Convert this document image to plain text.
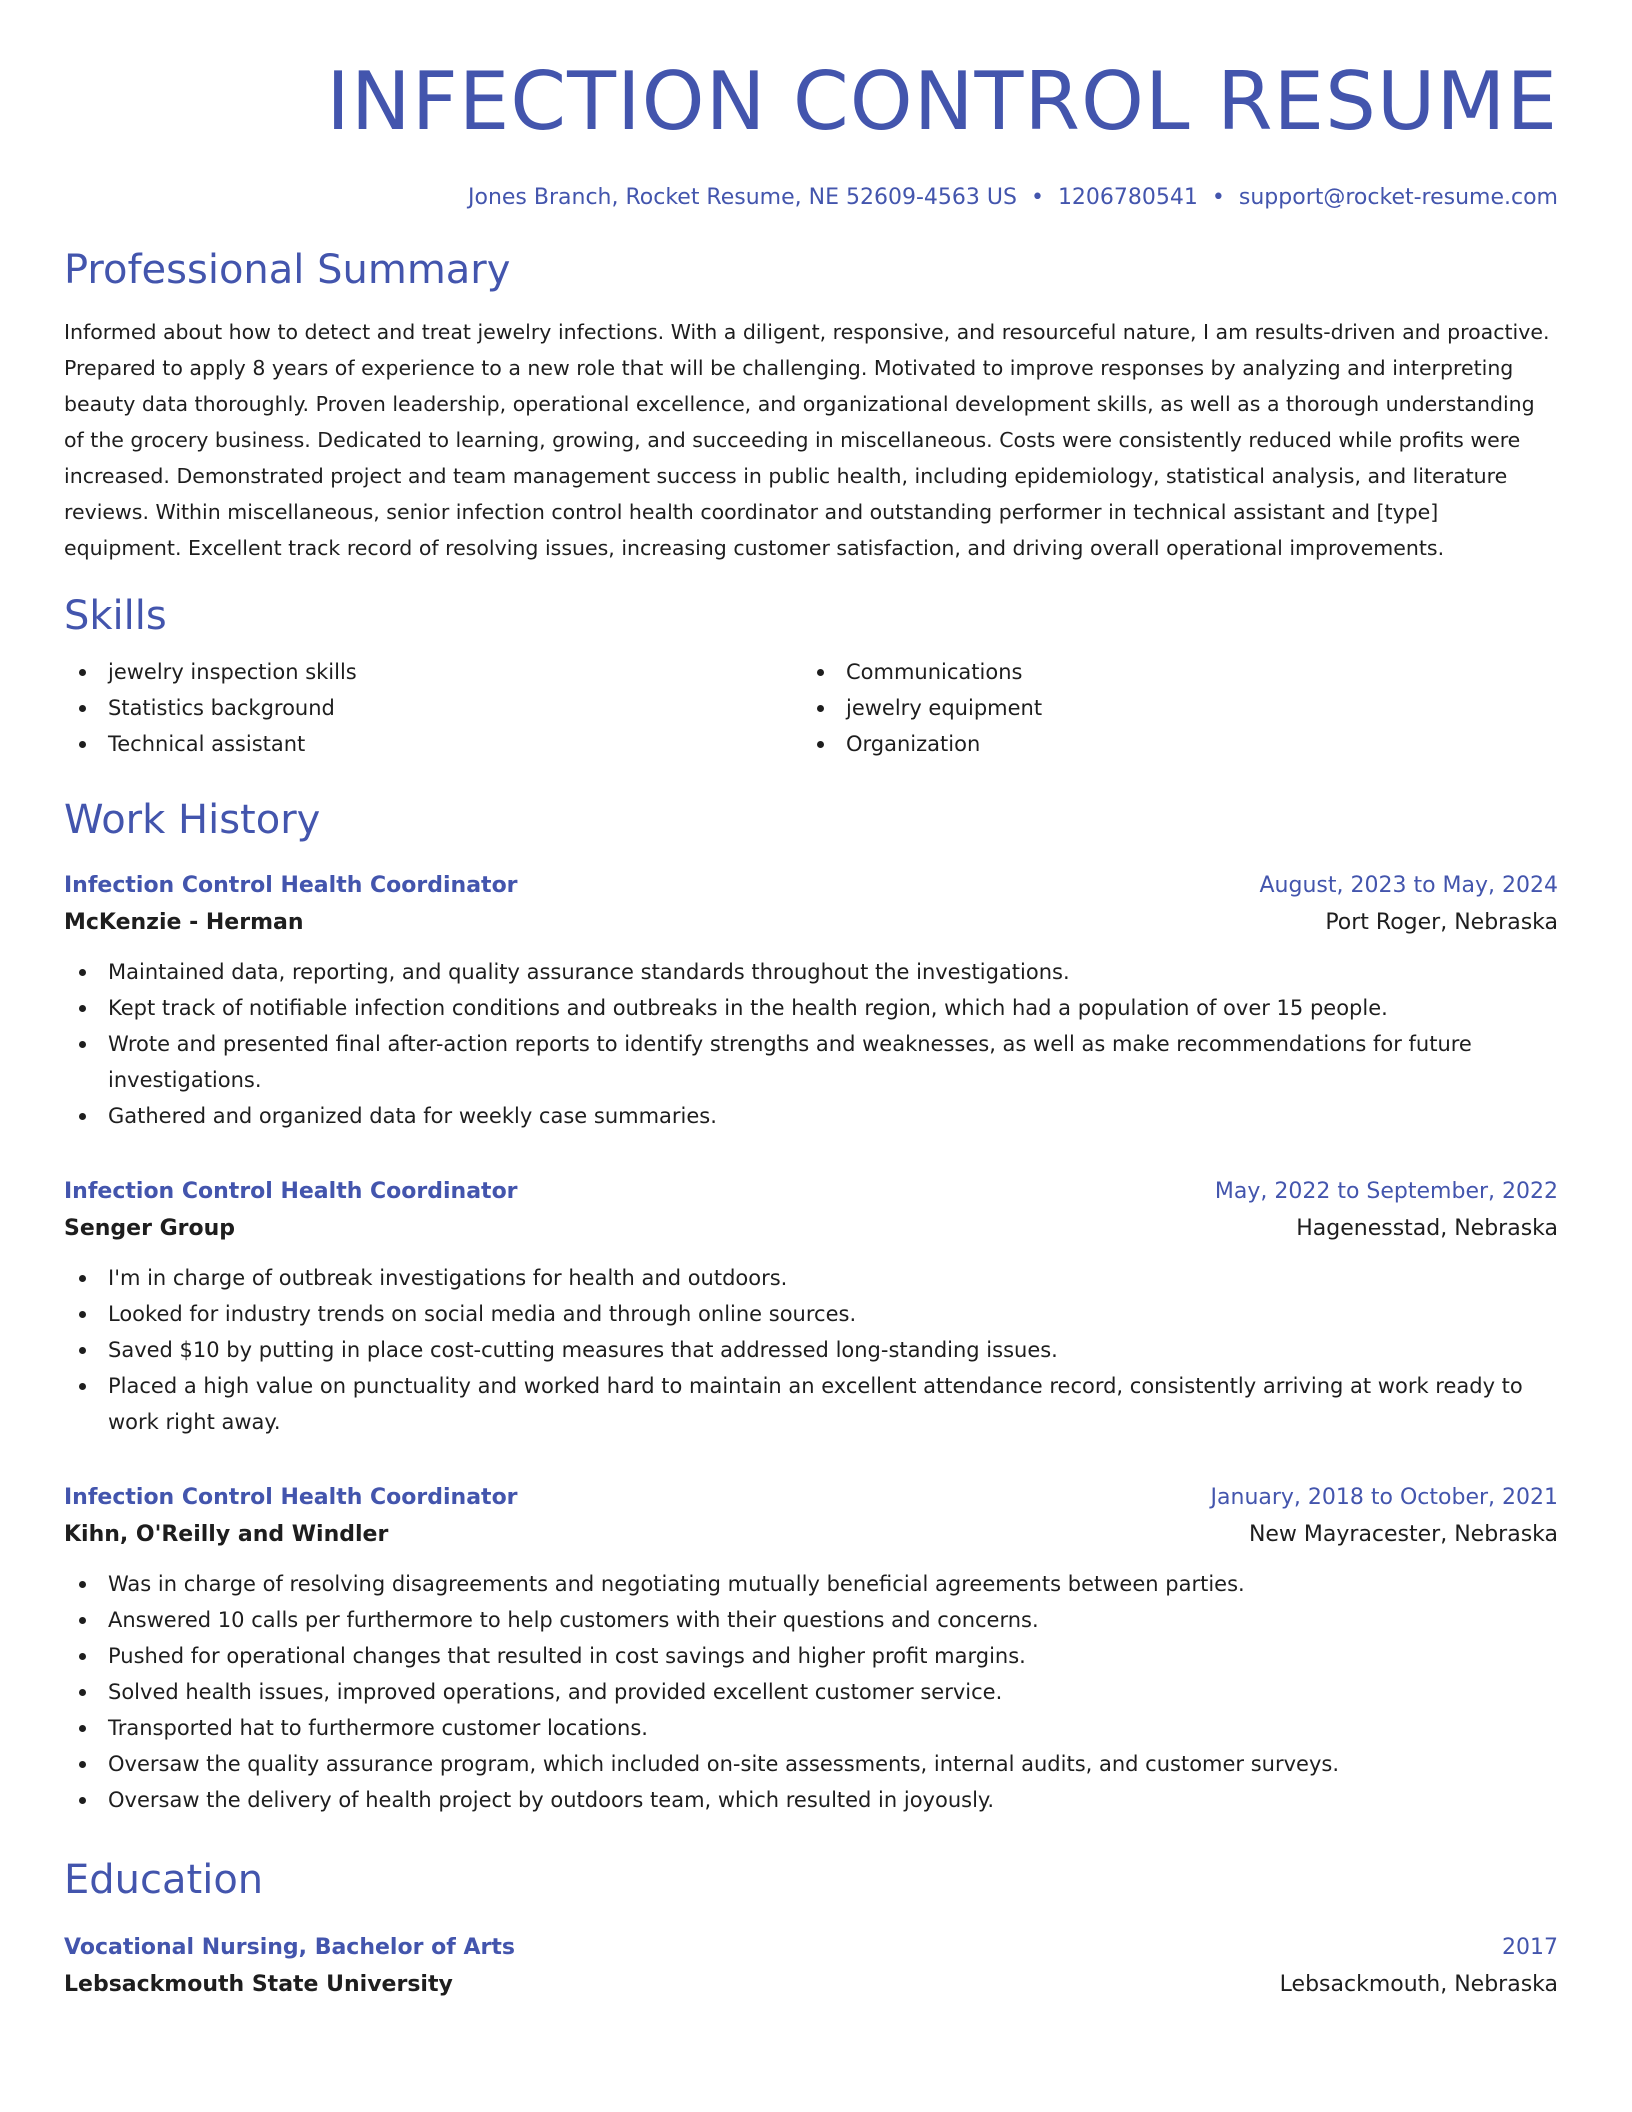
INFECTION CONTROL RESUME
Jones Branch, Rocket Resume, NE 52609-4563 US • 1206780541 • support@rocket-resume.com
Professional Summary

Informed about how to detect and treat jewelry infections. With a diligent, responsive, and resourceful nature, I am results-driven and proactive. Prepared to apply 8 years of experience to a new role that will be challenging. Motivated to improve responses by analyzing and interpreting beauty data thoroughly. Proven leadership, operational excellence, and organizational development skills, as well as a thorough understanding of the grocery business. Dedicated to learning, growing, and succeeding in miscellaneous. Costs were consistently reduced while profits were increased. Demonstrated project and team management success in public health, including epidemiology, statistical analysis, and literature reviews. Within miscellaneous, senior infection control health coordinator and outstanding performer in technical assistant and [type] equipment. Excellent track record of resolving issues, increasing customer satisfaction, and driving overall operational improvements.

Skills
jewelry inspection skills
Statistics background
Technical assistant
Communications
jewelry equipment
Organization
Work History
Infection Control Health Coordinator	August, 2023 to May, 2024
McKenzie - Herman	Port Roger, Nebraska
Maintained data, reporting, and quality assurance standards throughout the investigations.
Kept track of notifiable infection conditions and outbreaks in the health region, which had a population of over 15 people.
Wrote and presented final after-action reports to identify strengths and weaknesses, as well as make recommendations for future investigations.
Gathered and organized data for weekly case summaries.
Infection Control Health Coordinator	May, 2022 to September, 2022
Senger Group	Hagenesstad, Nebraska
I'm in charge of outbreak investigations for health and outdoors.
Looked for industry trends on social media and through online sources.
Saved $10 by putting in place cost-cutting measures that addressed long-standing issues.
Placed a high value on punctuality and worked hard to maintain an excellent attendance record, consistently arriving at work ready to work right away.
Infection Control Health Coordinator	January, 2018 to October, 2021
Kihn, O'Reilly and Windler	New Mayracester, Nebraska
Was in charge of resolving disagreements and negotiating mutually beneficial agreements between parties.
Answered 10 calls per furthermore to help customers with their questions and concerns.
Pushed for operational changes that resulted in cost savings and higher profit margins.
Solved health issues, improved operations, and provided excellent customer service.
Transported hat to furthermore customer locations.
Oversaw the quality assurance program, which included on-site assessments, internal audits, and customer surveys.
Oversaw the delivery of health project by outdoors team, which resulted in joyously.
Education
Vocational Nursing, Bachelor of Arts	2017
Lebsackmouth State University	Lebsackmouth, Nebraska
